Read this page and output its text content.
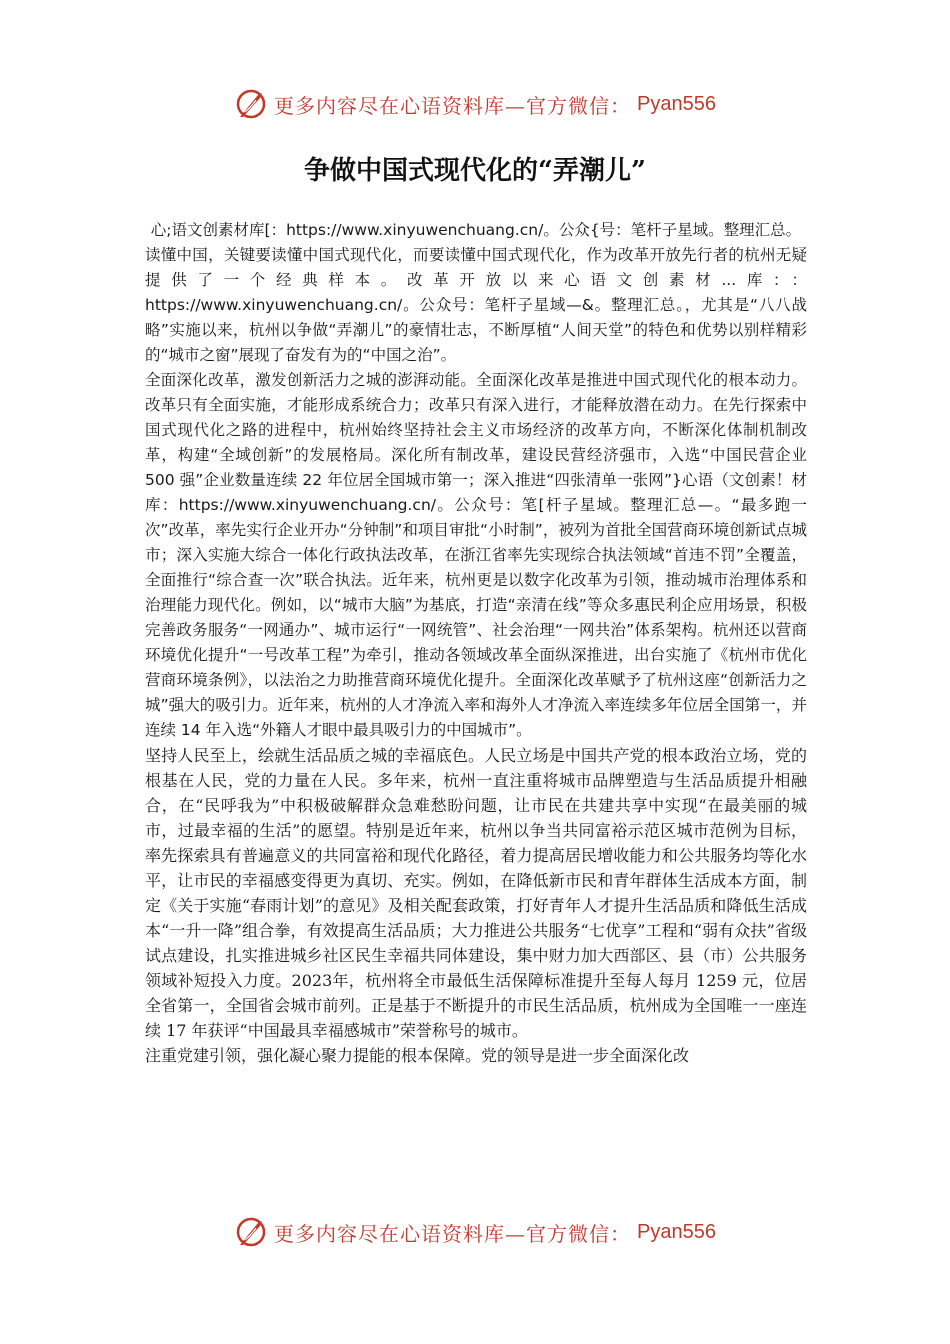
更多内容尽在心语资料库—官方微信： Pyan556
争做中国式现代化的“弄潮儿”

心;语文创素材库[：https://www.xinyuwenchuang.cn/。公众{号：笔杆子星域。整理汇总。

读懂中国，关键要读懂中国式现代化，而要读懂中国式现代化，作为改革开放先行者的杭州无疑提供了一个经典样本。改革开放以来心语文创素材...库：：https://www.xinyuwenchuang.cn/。公众号：笔杆子星域—&。整理汇总。，尤其是“八八战略”实施以来，杭州以争做“弄潮儿”的豪情壮志，不断厚植“人间天堂”的特色和优势以别样精彩的“城市之窗”展现了奋发有为的“中国之治”。

全面深化改革，激发创新活力之城的澎湃动能。全面深化改革是推进中国式现代化的根本动力。改革只有全面实施，才能形成系统合力；改革只有深入进行，才能释放潜在动力。在先行探索中国式现代化之路的进程中，杭州始终坚持社会主义市场经济的改革方向，不断深化体制机制改革，构建“全域创新”的发展格局。深化所有制改革，建设民营经济强市，入选“中国民营企业 500 强”企业数量连续 22 年位居全国城市第一；深入推进“四张清单一张网”}心语（文创素！材库：https://www.xinyuwenchuang.cn/。公众号：笔[杆子星域。整理汇总—。“最多跑一次”改革，率先实行企业开办“分钟制”和项目审批“小时制”，被列为首批全国营商环境创新试点城市；深入实施大综合一体化行政执法改革，在浙江省率先实现综合执法领域“首违不罚”全覆盖，全面推行“综合查一次”联合执法。近年来，杭州更是以数字化改革为引领，推动城市治理体系和治理能力现代化。例如，以“城市大脑”为基底，打造“亲清在线”等众多惠民利企应用场景，积极完善政务服务“一网通办”、城市运行“一网统管”、社会治理“一网共治”体系架构。杭州还以营商环境优化提升“一号改革工程”为牵引，推动各领域改革全面纵深推进，出台实施了《杭州市优化营商环境条例》，以法治之力助推营商环境优化提升。全面深化改革赋予了杭州这座“创新活力之城”强大的吸引力。近年来，杭州的人才净流入率和海外人才净流入率连续多年位居全国第一，并连续 14 年入选“外籍人才眼中最具吸引力的中国城市”。

坚持人民至上，绘就生活品质之城的幸福底色。人民立场是中国共产党的根本政治立场，党的根基在人民，党的力量在人民。多年来，杭州一直注重将城市品牌塑造与生活品质提升相融合，在“民呼我为”中积极破解群众急难愁盼问题，让市民在共建共享中实现“在最美丽的城市，过最幸福的生活”的愿望。特别是近年来，杭州以争当共同富裕示范区城市范例为目标，率先探索具有普遍意义的共同富裕和现代化路径，着力提高居民增收能力和公共服务均等化水平，让市民的幸福感变得更为真切、充实。例如，在降低新市民和青年群体生活成本方面，制定《关于实施“春雨计划”的意见》及相关配套政策，打好青年人才提升生活品质和降低生活成本“一升一降”组合拳，有效提高生活品质；大力推进公共服务“七优享”工程和“弱有众扶”省级试点建设，扎实推进城乡社区民生幸福共同体建设，集中财力加大西部区、县（市）公共服务领域补短投入力度。2023年，杭州将全市最低生活保障标准提升至每人每月 1259 元，位居全省第一，全国省会城市前列。正是基于不断提升的市民生活品质，杭州成为全国唯一一座连续 17 年获评“中国最具幸福感城市”荣誉称号的城市。

注重党建引领，强化凝心聚力提能的根本保障。党的领导是进一步全面深化改

更多内容尽在心语资料库—官方微信： Pyan556
